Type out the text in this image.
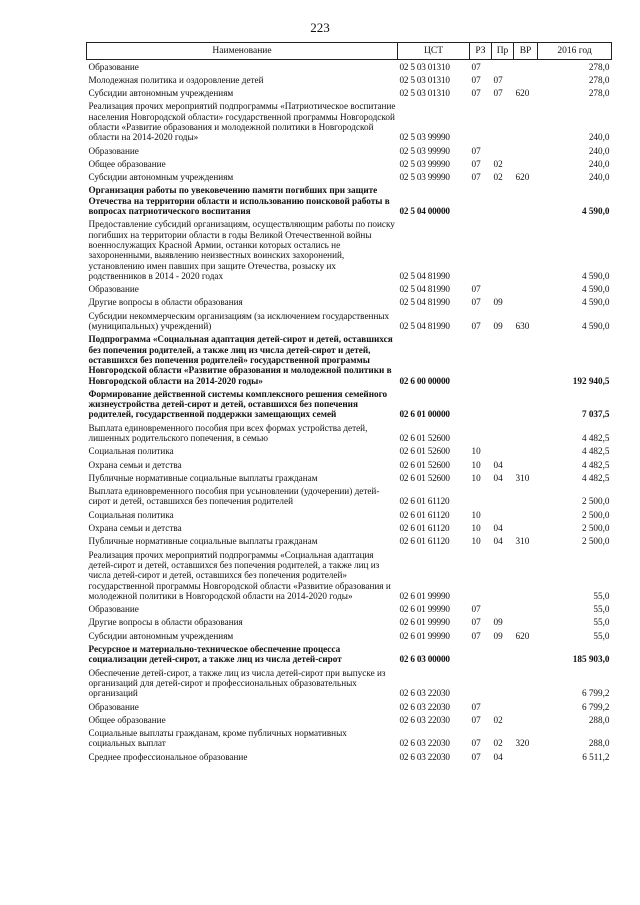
223
Наименование	ЦСТ	РЗ	Пр	ВР	2016 год
Образование	02 5 03 01310	07			278,0
Молодежная политика и оздоровление детей	02 5 03 01310	07	07		278,0
Субсидии автономным учреждениям	02 5 03 01310	07	07	620	278,0
Реализация прочих мероприятий подпрограммы «Патриотическое воспитание населения Новгородской области» государственной программы Новгородской области «Развитие образования и молодежной политики в Новгородской области на 2014-2020 годы»	02 5 03 99990				240,0
Образование	02 5 03 99990	07			240,0
Общее образование	02 5 03 99990	07	02		240,0
Субсидии автономным учреждениям	02 5 03 99990	07	02	620	240,0
Организация работы по увековечению памяти погибших при защите Отечества на территории области и использованию поисковой работы в вопросах патриотического воспитания	02 5 04 00000				4 590,0
Предоставление субсидий организациям, осуществляющим работы по поиску погибших на территории области в годы Великой Отечественной войны военнослужащих Красной Армии, останки которых остались не захороненными, выявлению неизвестных воинских захоронений, установлению имен павших при защите Отечества, розыску их родственников в 2014 - 2020 годах	02 5 04 81990				4 590,0
Образование	02 5 04 81990	07			4 590,0
Другие вопросы в области образования	02 5 04 81990	07	09		4 590,0
Субсидии некоммерческим организациям (за исключением государственных (муниципальных) учреждений)	02 5 04 81990	07	09	630	4 590,0
Подпрограмма «Социальная адаптация детей-сирот и детей, оставшихся без попечения родителей, а также лиц из числа детей-сирот и детей, оставшихся без попечения родителей» государственной программы Новгородской области «Развитие образования и молодежной политики в Новгородской области на 2014-2020 годы»	02 6 00 00000				192 940,5
Формирование действенной системы комплексного решения семейного жизнеустройства детей-сирот и детей, оставшихся без попечения родителей, государственной поддержки замещающих семей	02 6 01 00000				7 037,5
Выплата единовременного пособия при всех формах устройства детей, лишенных родительского попечения, в семью	02 6 01 52600				4 482,5
Социальная политика	02 6 01 52600	10			4 482,5
Охрана семьи и детства	02 6 01 52600	10	04		4 482,5
Публичные нормативные социальные выплаты гражданам	02 6 01 52600	10	04	310	4 482,5
Выплата единовременного пособия при усыновлении (удочерении) детей-сирот и детей, оставшихся без попечения родителей	02 6 01 61120				2 500,0
Социальная политика	02 6 01 61120	10			2 500,0
Охрана семьи и детства	02 6 01 61120	10	04		2 500,0
Публичные нормативные социальные выплаты гражданам	02 6 01 61120	10	04	310	2 500,0
Реализация прочих мероприятий подпрограммы «Социальная адаптация детей-сирот и детей, оставшихся без попечения родителей, а также лиц из числа детей-сирот и детей, оставшихся без попечения родителей» государственной программы Новгородской области «Развитие образования и молодежной политики в Новгородской области на 2014-2020 годы»	02 6 01 99990				55,0
Образование	02 6 01 99990	07			55,0
Другие вопросы в области образования	02 6 01 99990	07	09		55,0
Субсидии автономным учреждениям	02 6 01 99990	07	09	620	55,0
Ресурсное и материально-техническое обеспечение процесса социализации детей-сирот, а также лиц из числа детей-сирот	02 6 03 00000				185 903,0
Обеспечение детей-сирот, а также лиц из числа детей-сирот при выпуске из организаций для детей-сирот и профессиональных образовательных организаций	02 6 03 22030				6 799,2
Образование	02 6 03 22030	07			6 799,2
Общее образование	02 6 03 22030	07	02		288,0
Социальные выплаты гражданам, кроме публичных нормативных социальных выплат	02 6 03 22030	07	02	320	288,0
Среднее профессиональное образование	02 6 03 22030	07	04		6 511,2
